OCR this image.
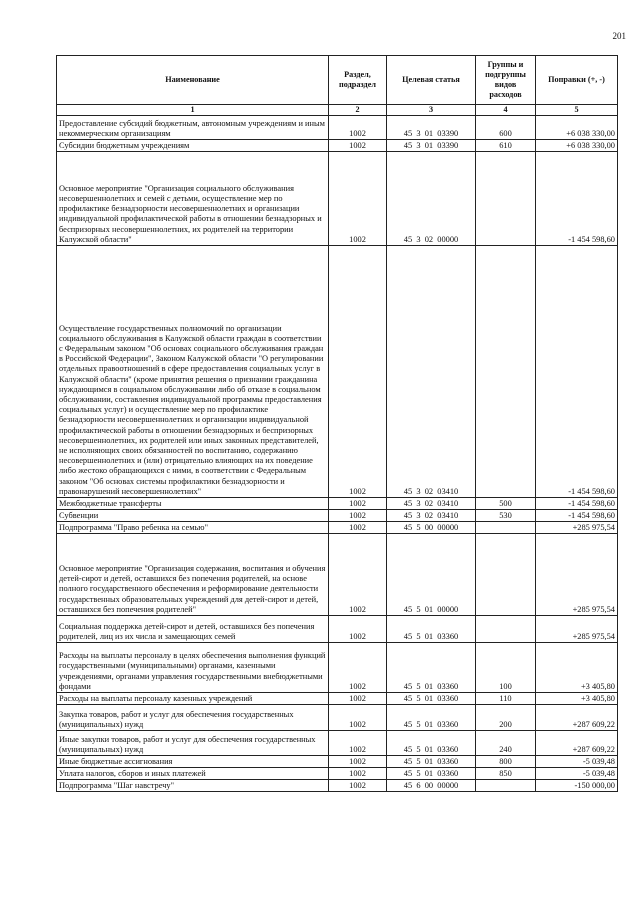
201
Наименование	Раздел, подраздел	Целевая статья	Группы и подгруппы видов расходов	Поправки (+, -)
1	2	3	4	5
Предоставление субсидий бюджетным, автономным учреждениям и иным некоммерческим организациям	1002	45  3  01  03390	600	+6 038 330,00
Субсидии бюджетным учреждениям	1002	45  3  01  03390	610	+6 038 330,00
Основное мероприятие "Организация социального обслуживания несовершеннолетних и семей с детьми, осуществление мер по профилактике безнадзорности несовершеннолетних и организации индивидуальной профилактической работы в отношении безнадзорных и беспризорных несовершеннолетних, их родителей на территории Калужской области"	1002	45  3  02  00000		-1 454 598,60
Осуществление государственных полномочий по организации социального обслуживания в Калужской области граждан в соответствии с Федеральным законом "Об основах социального обслуживания граждан в Российской Федерации", Законом Калужской области "О регулировании отдельных правоотношений в сфере предоставления социальных услуг в Калужской области" (кроме принятия решения о признании гражданина нуждающимся в социальном обслуживании либо об отказе в социальном обслуживании, составления индивидуальной программы предоставления социальных услуг) и осуществление мер по профилактике безнадзорности несовершеннолетних и организации индивидуальной профилактической работы в отношении безнадзорных и беспризорных несовершеннолетних, их родителей или иных законных представителей, не исполняющих своих обязанностей по воспитанию, содержанию несовершеннолетних и (или) отрицательно влияющих на их поведение либо жестоко обращающихся с ними, в соответствии с Федеральным законом "Об основах системы профилактики безнадзорности и правонарушений несовершеннолетних"	1002	45  3  02  03410		-1 454 598,60
Межбюджетные трансферты	1002	45  3  02  03410	500	-1 454 598,60
Субвенции	1002	45  3  02  03410	530	-1 454 598,60
Подпрограмма "Право ребенка на семью"	1002	45  5  00  00000		+285 975,54
Основное мероприятие "Организация содержания, воспитания и обучения детей-сирот и детей, оставшихся без попечения родителей, на основе полного государственного обеспечения и реформирование деятельности государственных образовательных учреждений для детей-сирот и детей, оставшихся без попечения родителей"	1002	45  5  01  00000		+285 975,54
Социальная поддержка детей-сирот и детей, оставшихся без попечения родителей, лиц из их числа и замещающих семей	1002	45  5  01  03360		+285 975,54
Расходы на выплаты персоналу в целях обеспечения выполнения функций государственными (муниципальными) органами, казенными учреждениями, органами управления государственными внебюджетными фондами	1002	45  5  01  03360	100	+3 405,80
Расходы на выплаты персоналу казенных учреждений	1002	45  5  01  03360	110	+3 405,80
Закупка товаров, работ и услуг для обеспечения государственных (муниципальных) нужд	1002	45  5  01  03360	200	+287 609,22
Иные закупки товаров, работ и услуг для обеспечения государственных (муниципальных) нужд	1002	45  5  01  03360	240	+287 609,22
Иные бюджетные ассигнования	1002	45  5  01  03360	800	-5 039,48
Уплата налогов, сборов и иных платежей	1002	45  5  01  03360	850	-5 039,48
Подпрограмма "Шаг навстречу"	1002	45  6  00  00000		-150 000,00
